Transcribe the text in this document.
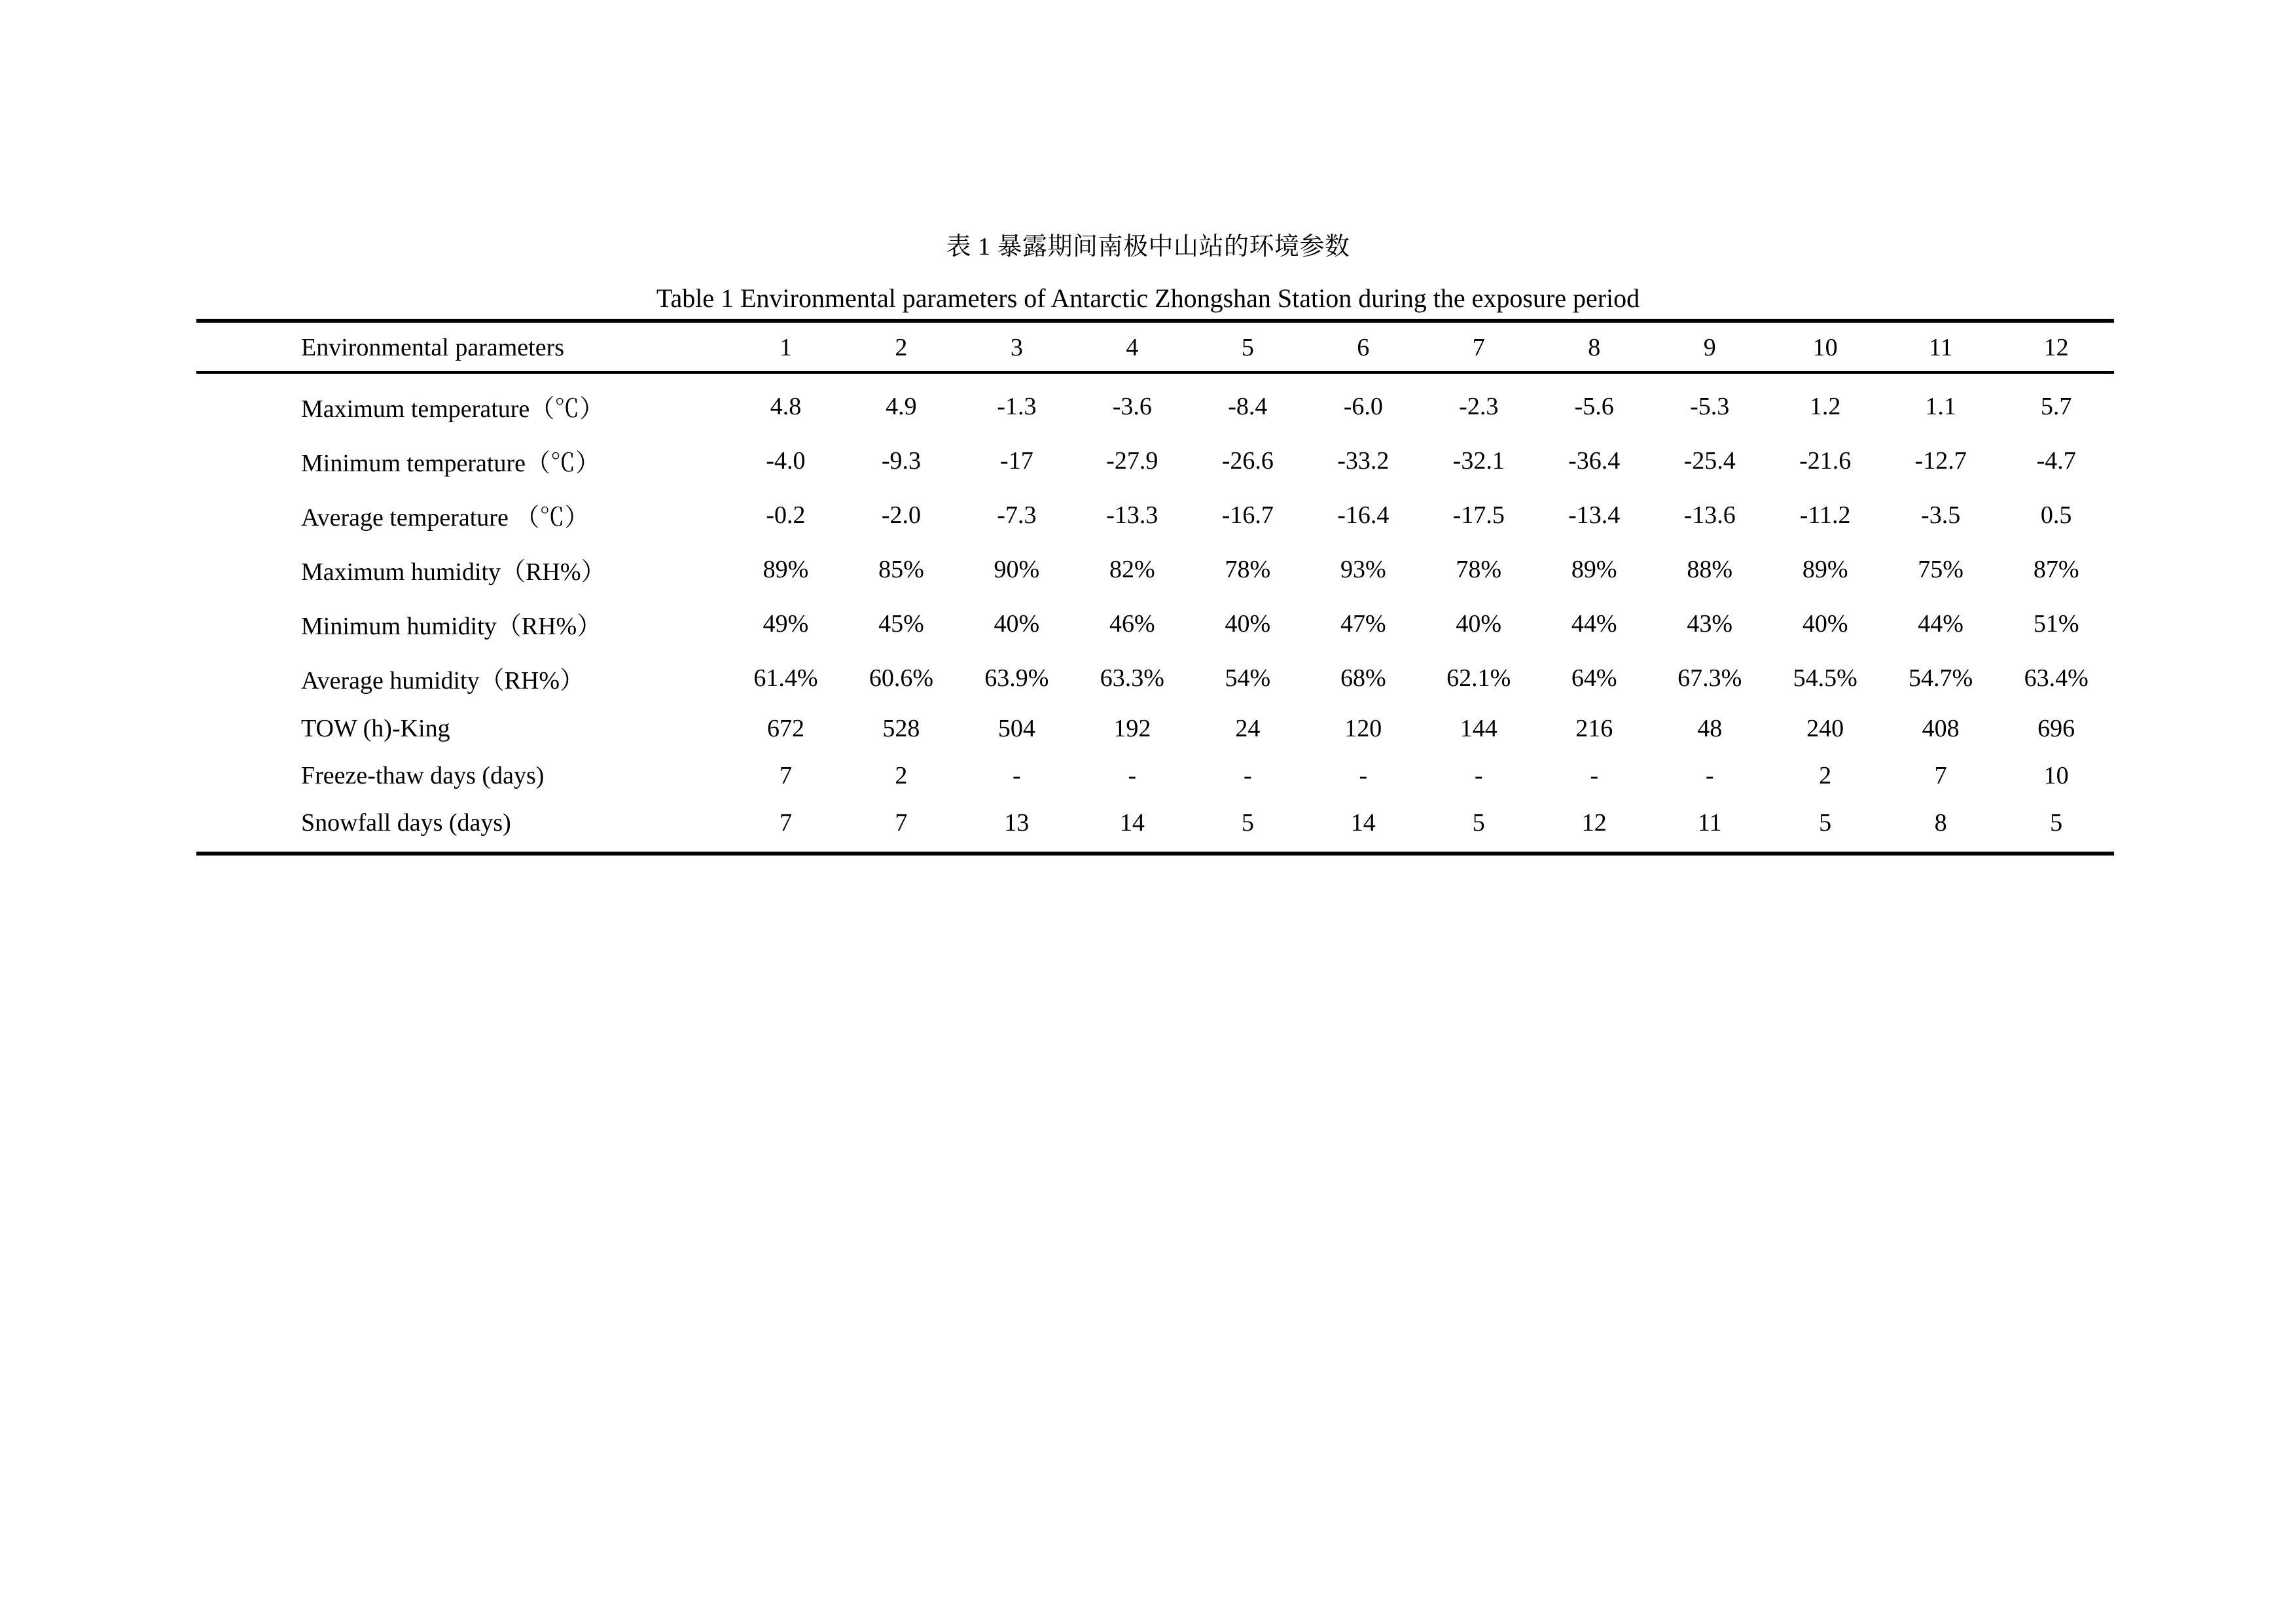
表 1 暴露期间南极中山站的环境参数
Table 1 Environmental parameters of Antarctic Zhongshan Station during the exposure period
Environmental parameters	1	2	3	4	5	6	7	8	9	10	11	12
Maximum temperature（℃）	4.8	4.9	-1.3	-3.6	-8.4	-6.0	-2.3	-5.6	-5.3	1.2	1.1	5.7
Minimum temperature（℃）	-4.0	-9.3	-17	-27.9	-26.6	-33.2	-32.1	-36.4	-25.4	-21.6	-12.7	-4.7
Average temperature （℃）	-0.2	-2.0	-7.3	-13.3	-16.7	-16.4	-17.5	-13.4	-13.6	-11.2	-3.5	0.5
Maximum humidity（RH%）	89%	85%	90%	82%	78%	93%	78%	89%	88%	89%	75%	87%
Minimum humidity（RH%）	49%	45%	40%	46%	40%	47%	40%	44%	43%	40%	44%	51%
Average humidity（RH%）	61.4%	60.6%	63.9%	63.3%	54%	68%	62.1%	64%	67.3%	54.5%	54.7%	63.4%
TOW (h)-King	672	528	504	192	24	120	144	216	48	240	408	696
Freeze-thaw days (days)	7	2	-	-	-	-	-	-	-	2	7	10
Snowfall days (days)	7	7	13	14	5	14	5	12	11	5	8	5
